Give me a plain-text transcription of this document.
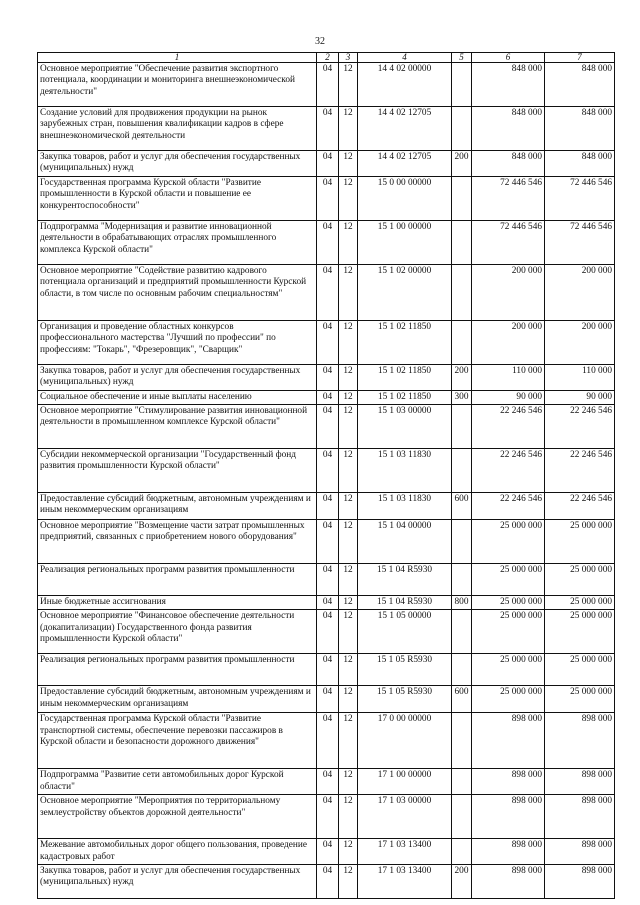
32
1	2	3	4	5	6	7
Основное мероприятие "Обеспечение развития экспортного потенциала, координации и мониторинга внешнеэкономической деятельности"	04	12	14 4 02 00000		848 000	848 000
Создание условий для продвижения продукции на рынок зарубежных стран, повышения квалификации кадров в сфере внешнеэкономической деятельности	04	12	14 4 02 12705		848 000	848 000
Закупка товаров, работ и услуг для обеспечения государственных (муниципальных) нужд	04	12	14 4 02 12705	200	848 000	848 000
Государственная программа Курской области "Развитие промышленности в Курской области и повышение ее конкурентоспособности"	04	12	15 0 00 00000		72 446 546	72 446 546
Подпрограмма "Модернизация и развитие инновационной деятельности в обрабатывающих отраслях промышленного комплекса Курской области"	04	12	15 1 00 00000		72 446 546	72 446 546
Основное мероприятие "Содействие развитию кадрового потенциала организаций и предприятий промышленности Курской области, в том числе по основным рабочим специальностям"	04	12	15 1 02 00000		200 000	200 000
Организация и проведение областных конкурсов профессионального мастерства "Лучший по профессии" по профессиям: "Токарь", "Фрезеровщик", "Сварщик"	04	12	15 1 02 11850		200 000	200 000
Закупка товаров, работ и услуг для обеспечения государственных (муниципальных) нужд	04	12	15 1 02 11850	200	110 000	110 000
Социальное обеспечение и иные выплаты населению	04	12	15 1 02 11850	300	90 000	90 000
Основное мероприятие "Стимулирование развития инновационной деятельности в промышленном комплексе Курской области"	04	12	15 1 03 00000		22 246 546	22 246 546
Субсидии некоммерческой организации "Государственный фонд развития промышленности Курской области"	04	12	15 1 03 11830		22 246 546	22 246 546
Предоставление субсидий бюджетным, автономным учреждениям и иным некоммерческим организациям	04	12	15 1 03 11830	600	22 246 546	22 246 546
Основное мероприятие "Возмещение части затрат промышленных предприятий, связанных с приобретением нового оборудования"	04	12	15 1 04 00000		25 000 000	25 000 000
Реализация региональных программ развития промышленности	04	12	15 1 04 R5930		25 000 000	25 000 000
Иные бюджетные ассигнования	04	12	15 1 04 R5930	800	25 000 000	25 000 000
Основное мероприятие "Финансовое обеспечение деятельности (докапитализации) Государственного фонда развития промышленности Курской области"	04	12	15 1 05 00000		25 000 000	25 000 000
Реализация региональных программ развития промышленности	04	12	15 1 05 R5930		25 000 000	25 000 000
Предоставление субсидий бюджетным, автономным учреждениям и иным некоммерческим организациям	04	12	15 1 05 R5930	600	25 000 000	25 000 000
Государственная программа Курской области "Развитие транспортной системы, обеспечение перевозки пассажиров в Курской области и безопасности дорожного движения"	04	12	17 0 00 00000		898 000	898 000
Подпрограмма "Развитие сети автомобильных дорог Курской области"	04	12	17 1 00 00000		898 000	898 000
Основное мероприятие "Мероприятия по территориальному землеустройству объектов дорожной деятельности"	04	12	17 1 03 00000		898 000	898 000
Межевание автомобильных дорог общего пользования, проведение кадастровых работ	04	12	17 1 03 13400		898 000	898 000
Закупка товаров, работ и услуг для обеспечения государственных (муниципальных) нужд	04	12	17 1 03 13400	200	898 000	898 000
